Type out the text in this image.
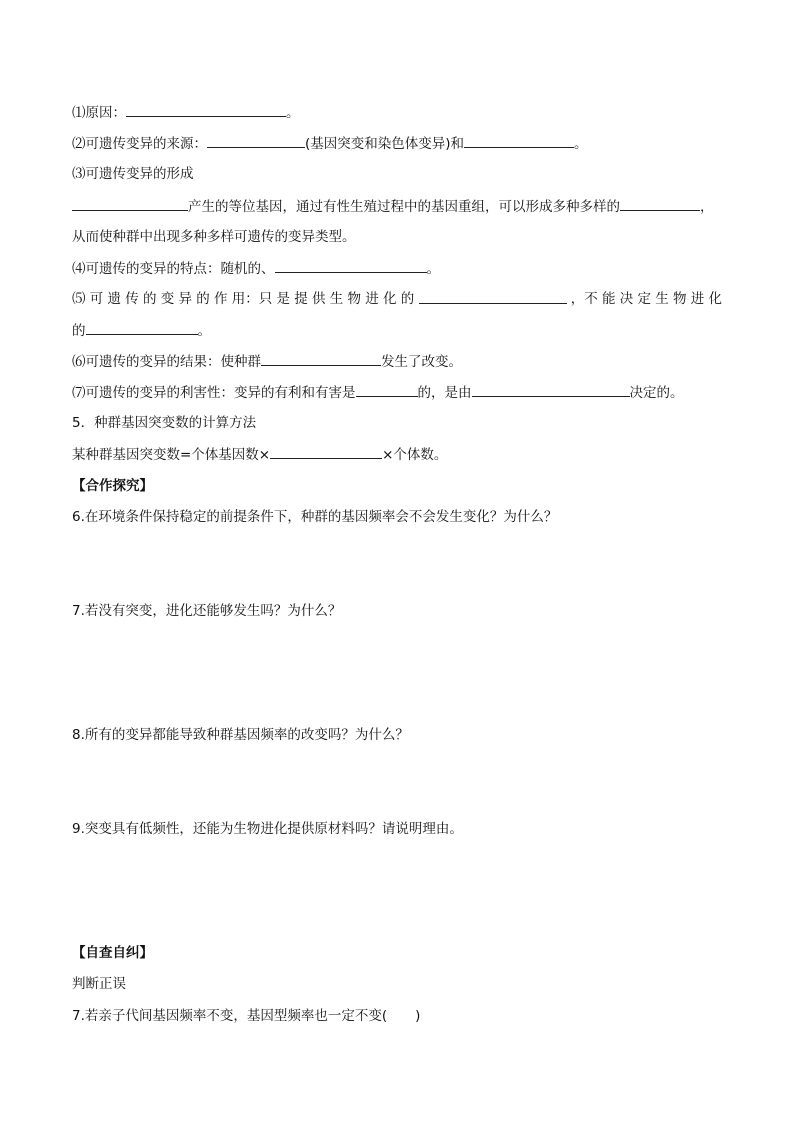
⑴原因：	。
⑵可遗传变异的来源：	(基因突变和染色体变异)和	。
⑶可遗传变异的形成
产生的等位基因，通过有性生殖过程中的基因重组，可以形成多种多样的	，
从而使种群中出现多种多样可遗传的变异类型。
⑷可遗传的变异的特点：随机的、	。
⑸ 可 遗 传 的 变 异 的 作 用：只 是 提 供 生 物 进 化 的	，不 能 决 定 生 物 进 化
的	。
⑹可遗传的变异的结果：使种群	发生了改变。
⑺可遗传的变异的利害性：变异的有利和有害是	的，是由	决定的。
5．种群基因突变数的计算方法
某种群基因突变数=个体基因数×	×个体数。
【合作探究】
6.在环境条件保持稳定的前提条件下，种群的基因频率会不会发生变化？为什么？
7.若没有突变，进化还能够发生吗？为什么？
8.所有的变异都能导致种群基因频率的改变吗？为什么？
9.突变具有低频性，还能为生物进化提供原材料吗？请说明理由。
【自查自纠】
判断正误
7.若亲子代间基因频率不变，基因型频率也一定不变( )
